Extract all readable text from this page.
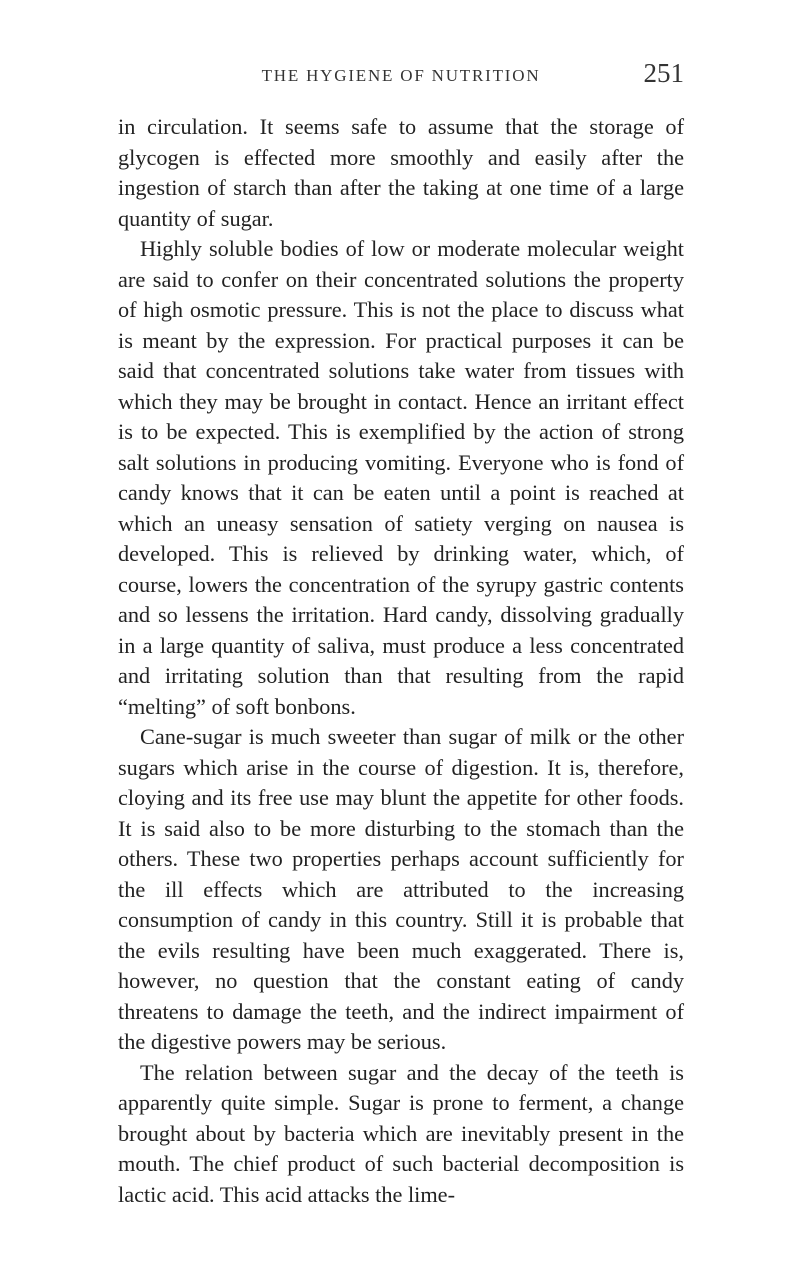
THE HYGIENE OF NUTRITION	251

in circulation. It seems safe to assume that the storage of glycogen is effected more smoothly and easily after the ingestion of starch than after the taking at one time of a large quantity of sugar.

Highly soluble bodies of low or moderate molecular weight are said to confer on their concentrated solutions the property of high osmotic pressure. This is not the place to discuss what is meant by the expression. For practical purposes it can be said that concentrated solutions take water from tissues with which they may be brought in contact. Hence an irritant effect is to be expected. This is exemplified by the action of strong salt solutions in producing vomiting. Everyone who is fond of candy knows that it can be eaten until a point is reached at which an uneasy sensation of satiety verging on nausea is developed. This is relieved by drinking water, which, of course, lowers the concentration of the syrupy gastric contents and so lessens the irritation. Hard candy, dissolving gradually in a large quantity of saliva, must produce a less concentrated and irritating solution than that resulting from the rapid “melting” of soft bonbons.

Cane-sugar is much sweeter than sugar of milk or the other sugars which arise in the course of digestion. It is, therefore, cloying and its free use may blunt the appetite for other foods. It is said also to be more disturbing to the stomach than the others. These two properties perhaps account sufficiently for the ill effects which are attributed to the increasing consumption of candy in this country. Still it is probable that the evils resulting have been much exaggerated. There is, however, no question that the constant eating of candy threatens to damage the teeth, and the indirect impairment of the digestive powers may be serious.

The relation between sugar and the decay of the teeth is apparently quite simple. Sugar is prone to ferment, a change brought about by bacteria which are inevitably present in the mouth. The chief product of such bacterial decomposition is lactic acid. This acid attacks the lime-
